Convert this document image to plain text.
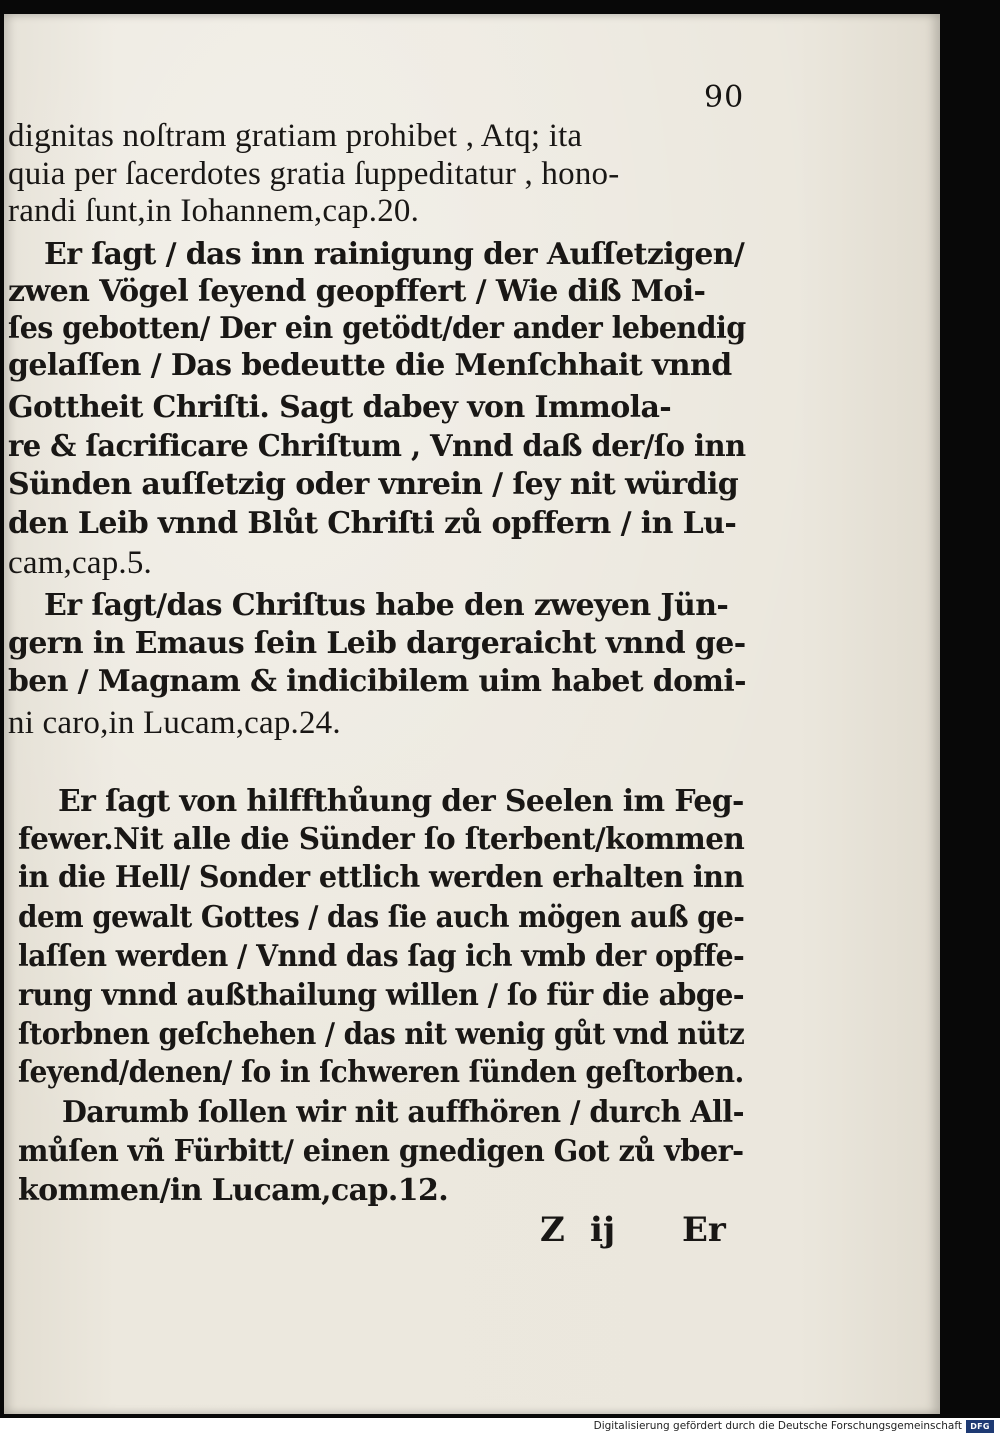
90
dignitas noſtram gratiam prohibet , Atq; ita
quia per ſacerdotes gratia ſuppeditatur , hono-
randi ſunt,in Iohannem,cap.20.
Er ſagt / das inn rainigung der Auſſetzigen/
zwen Vögel ſeyend geopffert / Wie diß Moi-
ſes gebotten/ Der ein getödt/der ander lebendig
gelaſſen / Das bedeutte die Menſchhait vnnd
Gottheit Chriſti. Sagt dabey von Immola-
re & ſacrificare Chriſtum , Vnnd daß der/ſo inn
Sünden auſſetzig oder vnrein / ſey nit würdig
den Leib vnnd Blůt Chriſti zů opffern / in Lu-
cam,cap.5.
Er ſagt/das Chriſtus habe den zweyen Jün-
gern in Emaus ſein Leib dargeraicht vnnd ge-
ben / Magnam & indicibilem uim habet domi-
ni caro,in Lucam,cap.24.
Er ſagt von hilffthůung der Seelen im Feg-
fewer.Nit alle die Sünder ſo ſterbent/kommen
in die Hell/ Sonder ettlich werden erhalten inn
dem gewalt Gottes / das ſie auch mögen auß ge-
laſſen werden / Vnnd das ſag ich vmb der opffe-
rung vnnd außthailung willen / ſo für die abge-
ſtorbnen geſchehen / das nit wenig gůt vnd nütz
ſeyend/denen/ ſo in ſchweren ſünden geſtorben.
Darumb ſollen wir nit auffhören / durch All-
můſen vñ Fürbitt/ einen gnedigen Got zů vber-
kommen/in Lucam,cap.12.
Z ij Er
Digitalisierung gefördert durch die Deutsche Forschungsgemeinschaft	DFG
